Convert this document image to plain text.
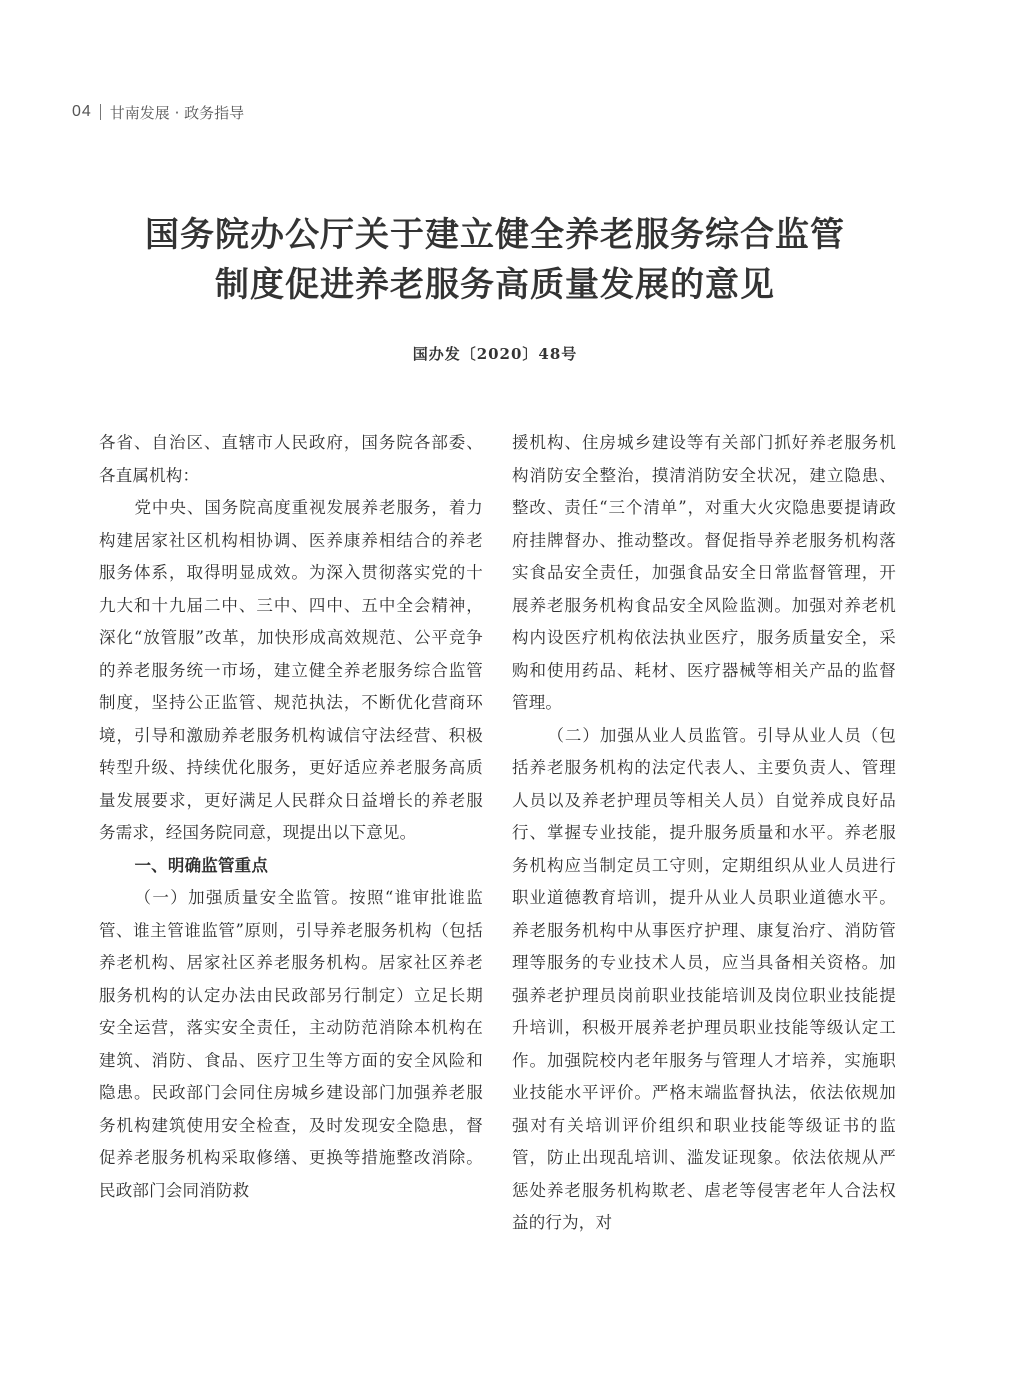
04 甘南发展 · 政务指导
国务院办公厅关于建立健全养老服务综合监管
制度促进养老服务高质量发展的意见
国办发〔2020〕48号

各省、自治区、直辖市人民政府，国务院各部委、各直属机构：

党中央、国务院高度重视发展养老服务，着力构建居家社区机构相协调、医养康养相结合的养老服务体系，取得明显成效。为深入贯彻落实党的十九大和十九届二中、三中、四中、五中全会精神，深化“放管服”改革，加快形成高效规范、公平竞争的养老服务统一市场，建立健全养老服务综合监管制度，坚持公正监管、规范执法，不断优化营商环境，引导和激励养老服务机构诚信守法经营、积极转型升级、持续优化服务，更好适应养老服务高质量发展要求，更好满足人民群众日益增长的养老服务需求，经国务院同意，现提出以下意见。

一、明确监管重点

（一）加强质量安全监管。按照“谁审批谁监管、谁主管谁监管”原则，引导养老服务机构（包括养老机构、居家社区养老服务机构。居家社区养老服务机构的认定办法由民政部另行制定）立足长期安全运营，落实安全责任，主动防范消除本机构在建筑、消防、食品、医疗卫生等方面的安全风险和隐患。民政部门会同住房城乡建设部门加强养老服务机构建筑使用安全检查，及时发现安全隐患，督促养老服务机构采取修缮、更换等措施整改消除。民政部门会同消防救

援机构、住房城乡建设等有关部门抓好养老服务机构消防安全整治，摸清消防安全状况，建立隐患、整改、责任“三个清单”，对重大火灾隐患要提请政府挂牌督办、推动整改。督促指导养老服务机构落实食品安全责任，加强食品安全日常监督管理，开展养老服务机构食品安全风险监测。加强对养老机构内设医疗机构依法执业医疗，服务质量安全，采购和使用药品、耗材、医疗器械等相关产品的监督管理。

（二）加强从业人员监管。引导从业人员（包括养老服务机构的法定代表人、主要负责人、管理人员以及养老护理员等相关人员）自觉养成良好品行、掌握专业技能，提升服务质量和水平。养老服务机构应当制定员工守则，定期组织从业人员进行职业道德教育培训，提升从业人员职业道德水平。养老服务机构中从事医疗护理、康复治疗、消防管理等服务的专业技术人员，应当具备相关资格。加强养老护理员岗前职业技能培训及岗位职业技能提升培训，积极开展养老护理员职业技能等级认定工作。加强院校内老年服务与管理人才培养，实施职业技能水平评价。严格末端监督执法，依法依规加强对有关培训评价组织和职业技能等级证书的监管，防止出现乱培训、滥发证现象。依法依规从严惩处养老服务机构欺老、虐老等侵害老年人合法权益的行为，对
